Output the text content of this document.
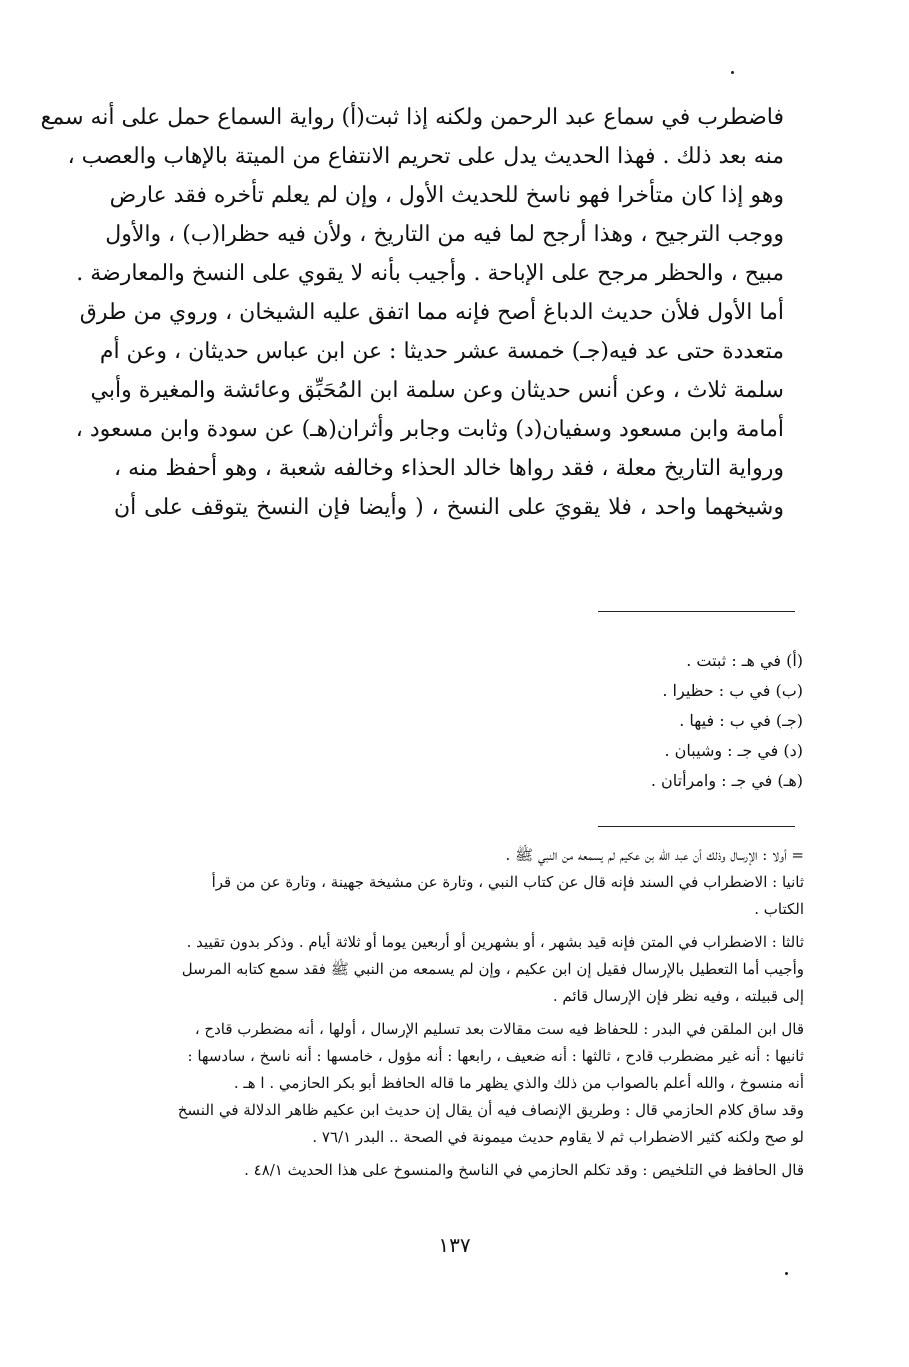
فاضطرب في سماع عبد الرحمن ولكنه إذا ثبت(أ) رواية السماع حمل على أنه سمع
منه بعد ذلك . فهذا الحديث يدل على تحريم الانتفاع من الميتة بالإهاب والعصب ،
وهو إذا كان متأخرا فهو ناسخ للحديث الأول ، وإن لم يعلم تأخره فقد عارض
ووجب الترجيح ، وهذا أرجح لما فيه من التاريخ ، ولأن فيه حظرا(ب) ، والأول
مبيح ، والحظر مرجح على الإباحة . وأجيب بأنه لا يقوي على النسخ والمعارضة .
أما الأول فلأن حديث الدباغ أصح فإنه مما اتفق عليه الشيخان ، وروي من طرق
متعددة حتى عد فيه(جـ) خمسة عشر حديثا : عن ابن عباس حديثان ، وعن أم
سلمة ثلاث ، وعن أنس حديثان وعن سلمة ابن المُحَبِّق وعائشة والمغيرة وأبي
أمامة وابن مسعود وسفيان(د) وثابت وجابر وأثران(هـ) عن سودة وابن مسعود ،
ورواية التاريخ معلة ، فقد رواها خالد الحذاء وخالفه شعبة ، وهو أحفظ منه ،
وشيخهما واحد ، فلا يقويَ على النسخ ، ( وأيضا فإن النسخ يتوقف على أن

(أ) في هـ : ثبتت .
(ب) في ب : حظيرا .
(جـ) في ب : فيها .
(د) في جـ : وشيبان .
(هـ) في جـ : وامرأتان .
= أولا : الإرسال وذلك أن عبد الله بن عكيم لم يسمعه من النبي ﷺ .
ثانيا : الاضطراب في السند فإنه قال عن كتاب النبي ، وتارة عن مشيخة جهينة ، وتارة عن من قرأ
الكتاب .
ثالثا : الاضطراب في المتن فإنه قيد بشهر ، أو بشهرين أو أربعين يوما أو ثلاثة أيام . وذكر بدون تقييد .
وأجيب أما التعطيل بالإرسال فقيل إن ابن عكيم ، وإن لم يسمعه من النبي ﷺ فقد سمع كتابه المرسل
إلى قبيلته ، وفيه نظر فإن الإرسال قائم .
قال ابن الملقن في البدر : للحفاظ فيه ست مقالات بعد تسليم الإرسال ، أولها ، أنه مضطرب قادح ،
ثانيها : أنه غير مضطرب قادح ، ثالثها : أنه ضعيف ، رابعها : أنه مؤول ، خامسها : أنه ناسخ ، سادسها :
أنه منسوخ ، والله أعلم بالصواب من ذلك والذي يظهر ما قاله الحافظ أبو بكر الحازمي . ا هـ .
وقد ساق كلام الحازمي قال : وطريق الإنصاف فيه أن يقال إن حديث ابن عكيم ظاهر الدلالة في النسخ
لو صح ولكنه كثير الاضطراب ثم لا يقاوم حديث ميمونة في الصحة .. البدر ٧٦/١ .
قال الحافظ في التلخيص : وقد تكلم الحازمي في الناسخ والمنسوخ على هذا الحديث ٤٨/١ .
١٣٧
